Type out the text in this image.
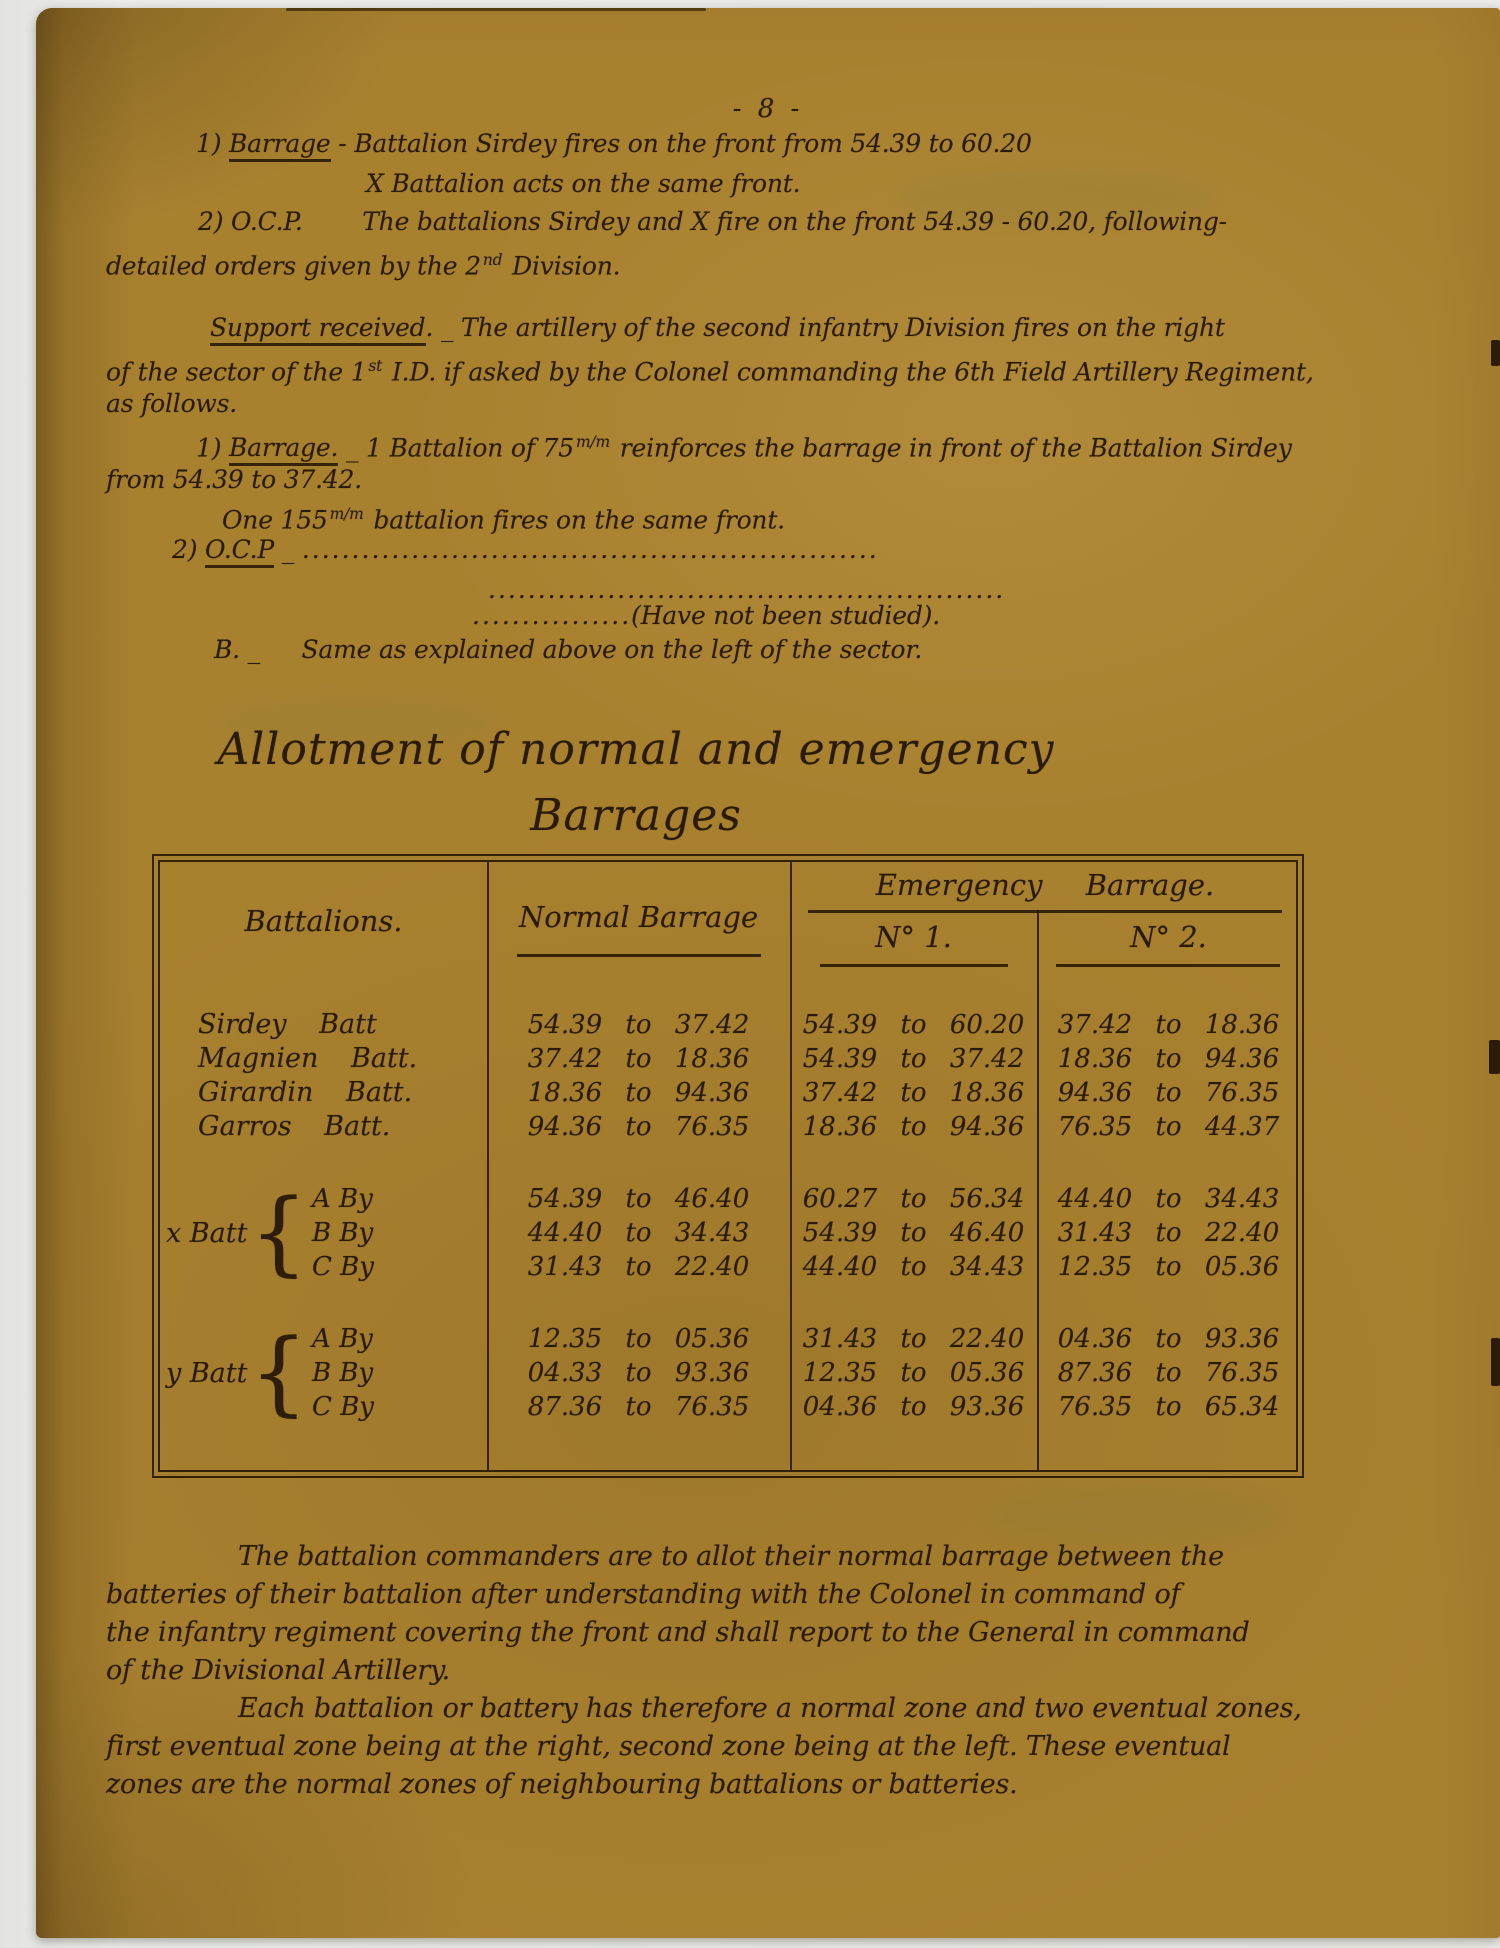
- 8 -
1) Barrage - Battalion Sirdey fires on the front from 54.39 to 60.20
X Battalion acts on the same front.
2) O.C.P. The battalions Sirdey and X fire on the front 54.39 - 60.20, following-
detailed orders given by the 2 $^{nd}$ Division.
Support received. _ The artillery of the second infantry Division fires on the right
of the sector of the 1 $^{st}$ I.D. if asked by the Colonel commanding the 6th Field Artillery Regiment,
as follows.
1) Barrage. _ 1 Battalion of 75 $^{m/m}$ reinforces the barrage in front of the Battalion Sirdey
from 54.39 to 37.42.
One 155 $^{m/m}$ battalion fires on the same front.
2) O.C.P _ ..........................................................
....................................................
................(Have not been studied).
B. _ Same as explained above on the left of the sector.
Allotment of normal and emergency
Barrages
Battalions.	Normal Barrage
Emergency Barrage.
N° 1.	N° 2.
Sirdey Batt
Magnien Batt.
Girardin Batt.
Garros Batt.
x Batt { A By
B By
C By
y Batt { A By
B By
C By
54.39 to 37.42
37.42 to 18.36
18.36 to 94.36
94.36 to 76.35
54.39 to 46.40
44.40 to 34.43
31.43 to 22.40
12.35 to 05.36
04.33 to 93.36
87.36 to 76.35
54.39 to 60.20
54.39 to 37.42
37.42 to 18.36
18.36 to 94.36
60.27 to 56.34
54.39 to 46.40
44.40 to 34.43
31.43 to 22.40
12.35 to 05.36
04.36 to 93.36
37.42 to 18.36
18.36 to 94.36
94.36 to 76.35
76.35 to 44.37
44.40 to 34.43
31.43 to 22.40
12.35 to 05.36
04.36 to 93.36
87.36 to 76.35
76.35 to 65.34
The battalion commanders are to allot their normal barrage between the
batteries of their battalion after understanding with the Colonel in command of
the infantry regiment covering the front and shall report to the General in command
of the Divisional Artillery.
Each battalion or battery has therefore a normal zone and two eventual zones,
first eventual zone being at the right, second zone being at the left. These eventual
zones are the normal zones of neighbouring battalions or batteries.
